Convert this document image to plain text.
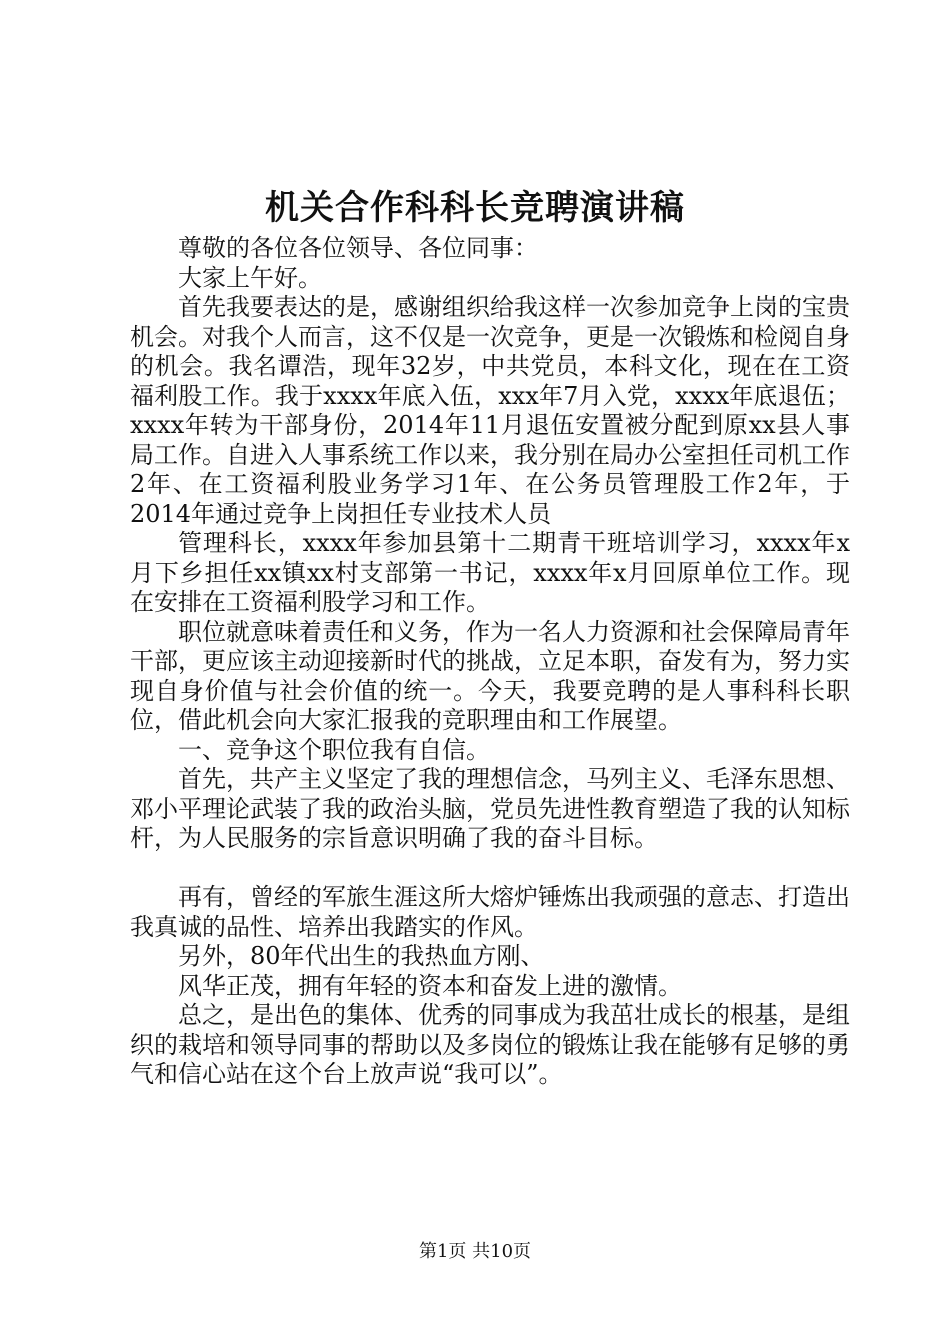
机关合作科科长竞聘演讲稿

尊敬的各位各位领导、各位同事：

大家上午好。

首先我要表达的是，感谢组织给我这样一次参加竞争上岗的宝贵机会。对我个人而言，这不仅是一次竞争，更是一次锻炼和检阅自身的机会。我名谭浩，现年32岁，中共党员，本科文化，现在在工资福利股工作。我于xxxx年底入伍，xxx年7月入党，xxxx年底退伍；xxxx年转为干部身份，2014年11月退伍安置被分配到原xx县人事局工作。自进入人事系统工作以来，我分别在局办公室担任司机工作2年、在工资福利股业务学习1年、在公务员管理股工作2年，于2014年通过竞争上岗担任专业技术人员

管理科长，xxxx年参加县第十二期青干班培训学习，xxxx年x月下乡担任xx镇xx村支部第一书记，xxxx年x月回原单位工作。现在安排在工资福利股学习和工作。

职位就意味着责任和义务，作为一名人力资源和社会保障局青年干部，更应该主动迎接新时代的挑战，立足本职，奋发有为，努力实现自身价值与社会价值的统一。今天，我要竞聘的是人事科科长职位，借此机会向大家汇报我的竞职理由和工作展望。

一、竞争这个职位我有自信。

首先，共产主义坚定了我的理想信念，马列主义、毛泽东思想、邓小平理论武装了我的政治头脑，党员先进性教育塑造了我的认知标杆，为人民服务的宗旨意识明确了我的奋斗目标。

再有，曾经的军旅生涯这所大熔炉锤炼出我顽强的意志、打造出我真诚的品性、培养出我踏实的作风。

另外，80年代出生的我热血方刚、

风华正茂，拥有年轻的资本和奋发上进的激情。

总之，是出色的集体、优秀的同事成为我茁壮成长的根基，是组织的栽培和领导同事的帮助以及多岗位的锻炼让我在能够有足够的勇气和信心站在这个台上放声说“我可以”。

第1页 共10页
